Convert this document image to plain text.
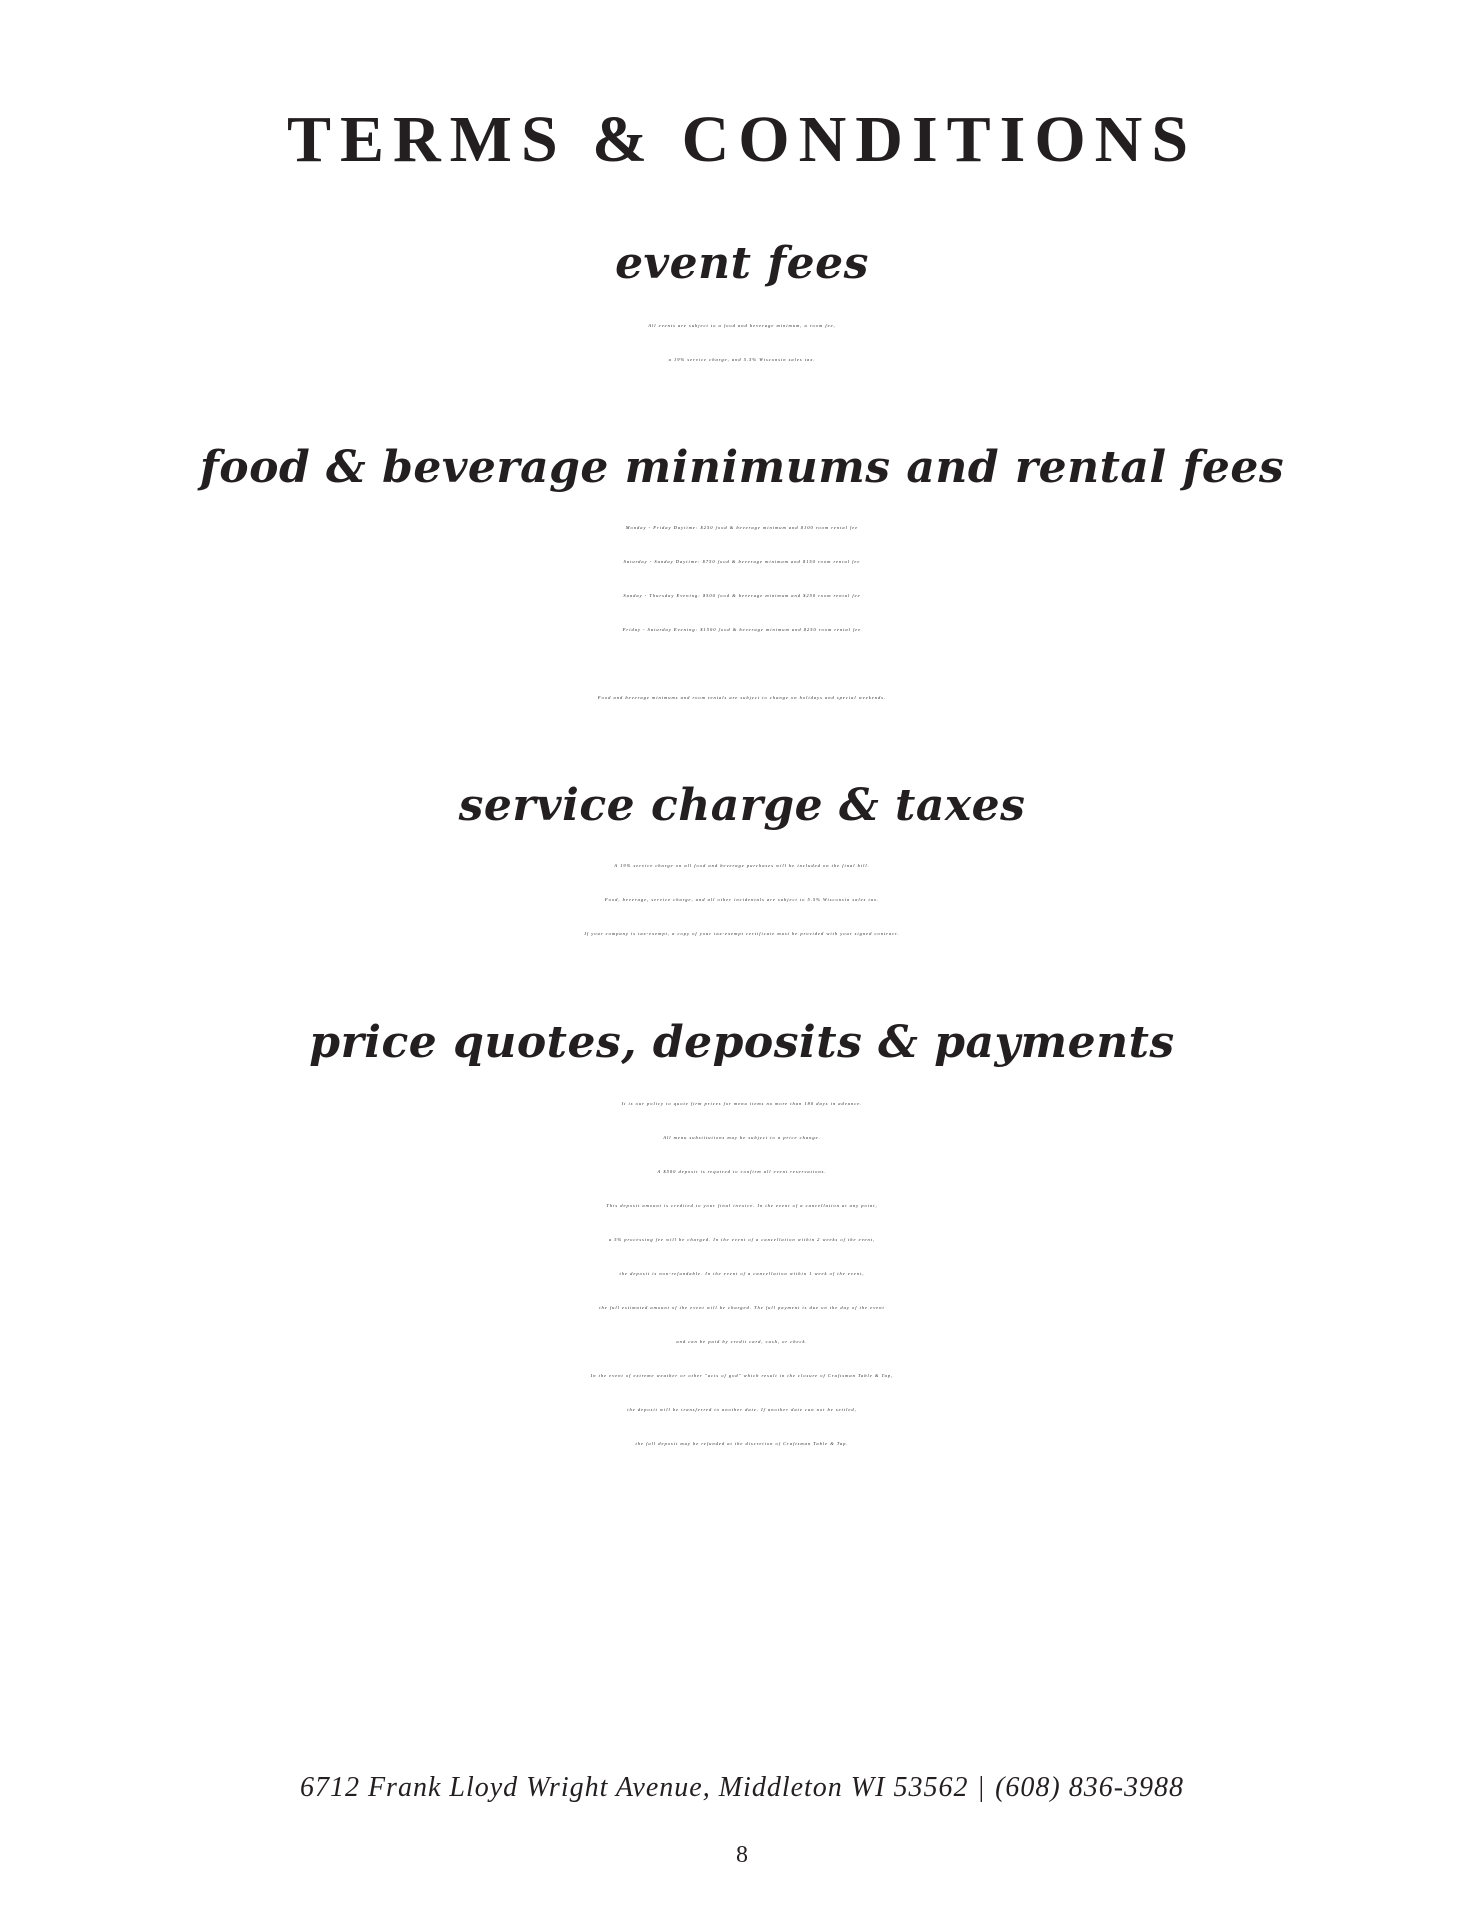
TERMS & CONDITIONS
event fees
All events are subject to a food and beverage minimum, a room fee,
a 19% service charge, and 5.5% Wisconsin sales tax.
food & beverage minimums and rental fees
Monday - Friday Daytime: $250 food & beverage minimum and $100 room rental fee
Saturday - Sunday Daytime: $750 food & beverage minimum and $150 room rental fee
Sunday - Thursday Evening: $500 food & beverage minimum and $250 room rental fee
Friday - Saturday Evening: $1500 food & beverage minimum and $250 room rental fee
Food and beverage minimums and room rentals are subject to change on holidays and special weekends.
service charge & taxes
A 19% service charge on all food and beverage purchases will be included on the final bill.
Food, beverage, service charge, and all other incidentals are subject to 5.5% Wisconsin sales tax.
If your company is tax-exempt, a copy of your tax-exempt certificate must be provided with your signed contract.
price quotes, deposits & payments
It is our policy to quote firm prices for menu items no more than 180 days in advance.
All menu substitutions may be subject to a price change.
A $500 deposit is required to confirm all event reservations.
This deposit amount is credited to your final invoice. In the event of a cancellation at any point,
a 5% processing fee will be charged. In the event of a cancellation within 2 weeks of the event,
the deposit is non-refundable. In the event of a cancellation within 1 week of the event,
the full estimated amount of the event will be charged. The full payment is due on the day of the event
and can be paid by credit card, cash, or check.
In the event of extreme weather or other "acts of god" which result in the closure of Craftsman Table & Tap,
the deposit will be transferred to another date. If another date can not be settled,
the full deposit may be refunded at the discretion of Craftsman Table & Tap.
6712 Frank Lloyd Wright Avenue, Middleton WI 53562 | (608) 836-3988
8
